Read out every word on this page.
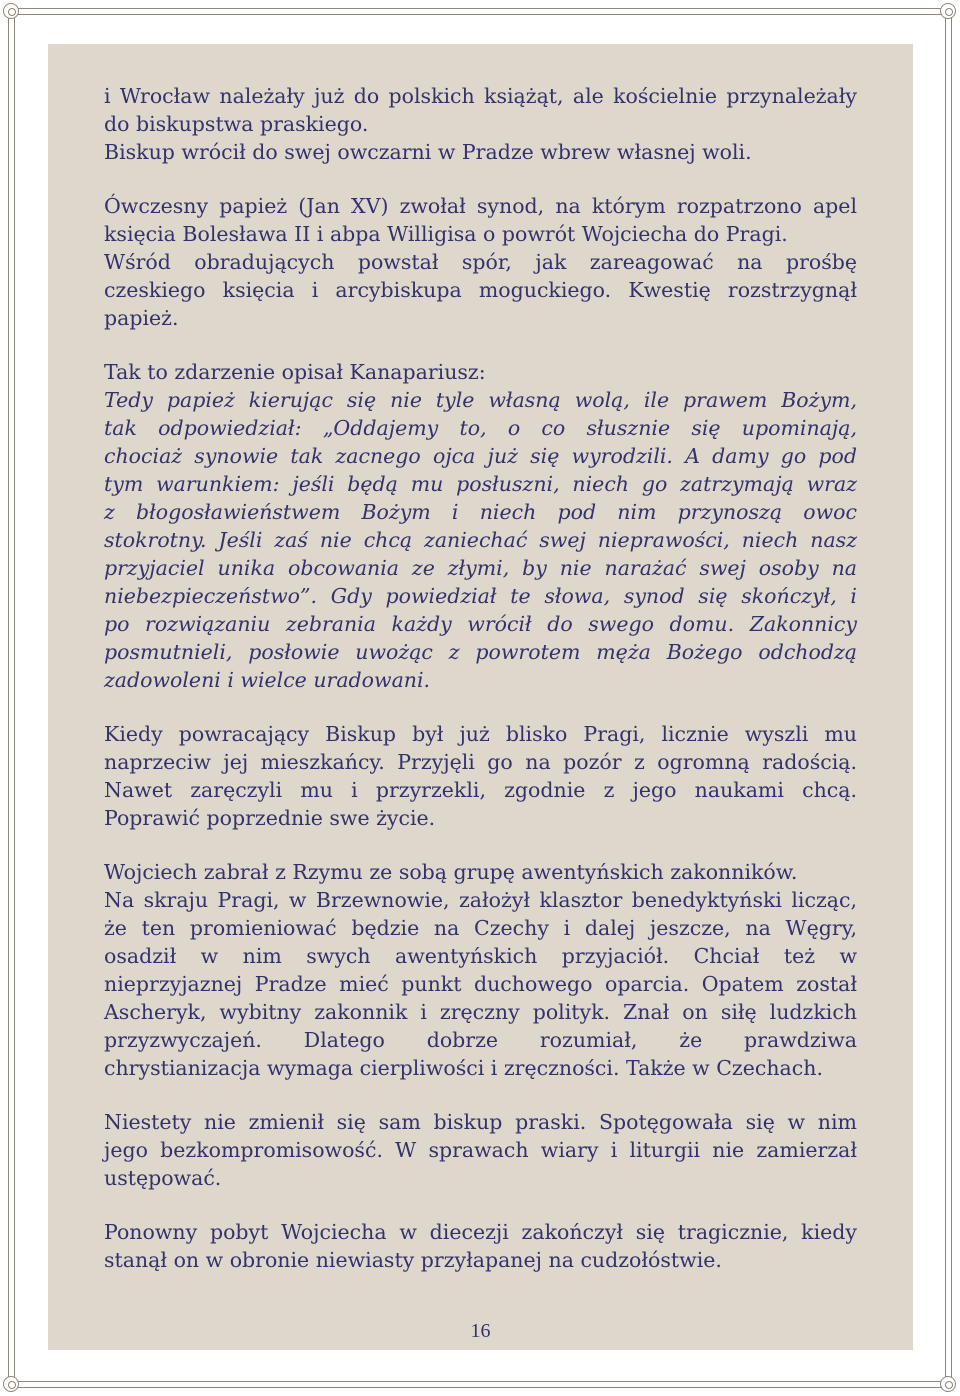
i Wrocław należały już do polskich książąt, ale kościelnie przynależały
do biskupstwa praskiego.
Biskup wrócił do swej owczarni w Pradze wbrew własnej woli.

Ówczesny papież (Jan XV) zwołał synod, na którym rozpatrzono apel
księcia Bolesława II i abpa Willigisa o powrót Wojciecha do Pragi.
Wśród obradujących powstał spór, jak zareagować na prośbę
czeskiego księcia i arcybiskupa moguckiego. Kwestię rozstrzygnął
papież.

Tak to zdarzenie opisał Kanapariusz:
Tedy papież kierując się nie tyle własną wolą, ile prawem Bożym,
tak odpowiedział: „Oddajemy to, o co słusznie się upominają,
chociaż synowie tak zacnego ojca już się wyrodzili. A damy go pod
tym warunkiem: jeśli będą mu posłuszni, niech go zatrzymają wraz
z błogosławieństwem Bożym i niech pod nim przynoszą owoc
stokrotny. Jeśli zaś nie chcą zaniechać swej nieprawości, niech nasz
przyjaciel unika obcowania ze złymi, by nie narażać swej osoby na
niebezpieczeństwo”. Gdy powiedział te słowa, synod się skończył, i
po rozwiązaniu zebrania każdy wrócił do swego domu. Zakonnicy
posmutnieli, posłowie uwożąc z powrotem męża Bożego odchodzą
zadowoleni i wielce uradowani.

Kiedy powracający Biskup był już blisko Pragi, licznie wyszli mu
naprzeciw jej mieszkańcy. Przyjęli go na pozór z ogromną radością.
Nawet zaręczyli mu i przyrzekli, zgodnie z jego naukami chcą.
Poprawić poprzednie swe życie.

Wojciech zabrał z Rzymu ze sobą grupę awentyńskich zakonników.
Na skraju Pragi, w Brzewnowie, założył klasztor benedyktyński licząc,
że ten promieniować będzie na Czechy i dalej jeszcze, na Węgry,
osadził w nim swych awentyńskich przyjaciół. Chciał też w
nieprzyjaznej Pradze mieć punkt duchowego oparcia. Opatem został
Ascheryk, wybitny zakonnik i zręczny polityk. Znał on siłę ludzkich
przyzwyczajeń. Dlatego dobrze rozumiał, że prawdziwa
chrystianizacja wymaga cierpliwości i zręczności. Także w Czechach.

Niestety nie zmienił się sam biskup praski. Spotęgowała się w nim
jego bezkompromisowość. W sprawach wiary i liturgii nie zamierzał
ustępować.

Ponowny pobyt Wojciecha w diecezji zakończył się tragicznie, kiedy
stanął on w obronie niewiasty przyłapanej na cudzołóstwie.

16
